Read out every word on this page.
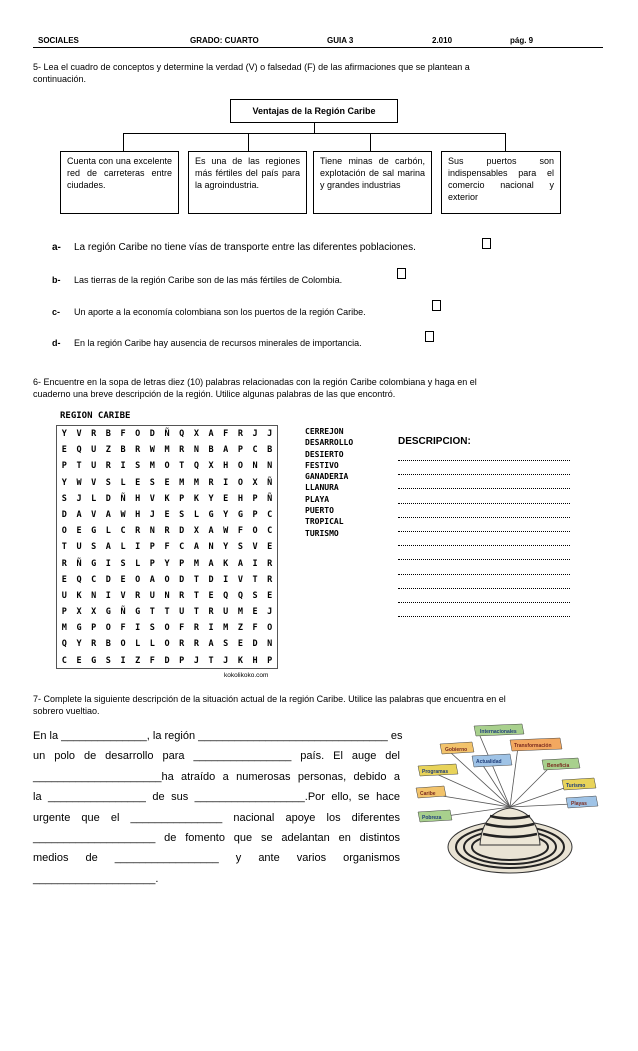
SOCIALES	GRADO: CUARTO	GUIA 3	2.010	pág. 9
5- Lea el cuadro de conceptos y determine la verdad (V) o falsedad (F) de las afirmaciones que se plantean a
continuación.
Ventajas de la Región Caribe
Cuenta con una excelente red de carreteras entre ciudades.
Es una de las regiones más fértiles del país para la agroindustria.
Tiene minas de carbón, explotación de sal marina y grandes industrias
Sus puertos son indispensables para el comercio nacional y exterior
a- La región Caribe no tiene vías de transporte entre las diferentes poblaciones.
b- Las tierras de la región Caribe son de las más fértiles de Colombia.
c- Un aporte a la economía colombiana son los puertos de la región Caribe.
d- En la región Caribe hay ausencia de recursos minerales de importancia.
6- Encuentre en la sopa de letras diez (10) palabras relacionadas con la región Caribe colombiana y haga en el
cuaderno una breve descripción de la región. Utilice algunas palabras de las que encontró.
REGION CARIBE
Y	V	R	B	F	O	D	Ñ	Q	X	A	F	R	J	J
E	Q	U	Z	B	R	W	M	R	N	B	A	P	C	B
P	T	U	R	I	S	M	O	T	Q	X	H	O	N	N
Y	W	V	S	L	E	S	E	M	M	R	I	O	X	Ñ
S	J	L	D	Ñ	H	V	K	P	K	Y	E	H	P	Ñ
D	A	V	A	W	H	J	E	S	L	G	Y	G	P	C
O	E	G	L	C	R	N	R	D	X	A	W	F	O	C
T	U	S	A	L	I	P	F	C	A	N	Y	S	V	E
R	Ñ	G	I	S	L	P	Y	P	M	A	K	A	I	R
E	Q	C	D	E	O	A	O	D	T	D	I	V	T	R
U	K	N	I	V	R	U	N	R	T	E	Q	Q	S	E
P	X	X	G	Ñ	G	T	T	U	T	R	U	M	E	J
M	G	P	O	F	I	S	O	F	R	I	M	Z	F	O
Q	Y	R	B	O	L	L	O	R	R	A	S	E	D	N
C	E	G	S	I	Z	F	D	P	J	T	J	K	H	P
CERREJON
DESARROLLO
DESIERTO
FESTIVO
GANADERIA
LLANURA
PLAYA
PUERTO
TROPICAL
TURISMO
DESCRIPCION:
kokolikoko.com
7- Complete la siguiente descripción de la situación actual de la región Caribe. Utilice las palabras que encuentra en el
sobrero vueltiao.
En la ______________, la región _______________________________ es
un polo de desarrollo para ________________ país. El auge del
_____________________ha atraído a numerosas personas, debido a
la ________________ de sus __________________.Por ello, se hace
urgente que el _______________ nacional apoye los diferentes
____________________ de fomento que se adelantan en distintos
medios de _________________ y ante varios organismos
____________________.
Internacionales
Gobierno
Transformación
Programas
Actualidad
Beneficia
Caribe
Turismo
Playas
Pobreza
